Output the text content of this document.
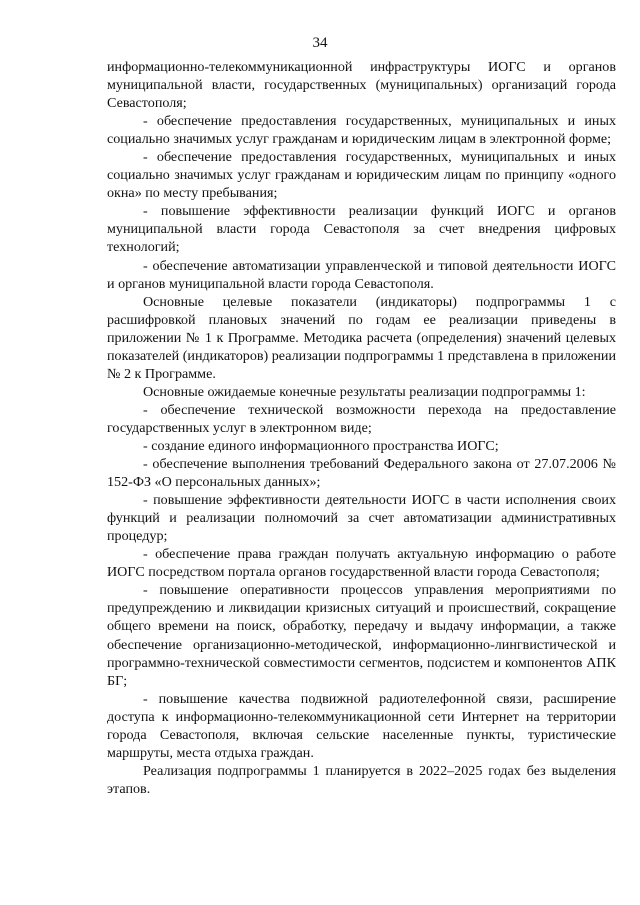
34

информационно-телекоммуникационной инфраструктуры ИОГС и органов муниципальной власти, государственных (муниципальных) организаций города Севастополя;

- обеспечение предоставления государственных, муниципальных и иных социально значимых услуг гражданам и юридическим лицам в электронной форме;

- обеспечение предоставления государственных, муниципальных и иных социально значимых услуг гражданам и юридическим лицам по принципу «одного окна» по месту пребывания;

- повышение эффективности реализации функций ИОГС и органов муниципальной власти города Севастополя за счет внедрения цифровых технологий;

- обеспечение автоматизации управленческой и типовой деятельности ИОГС и органов муниципальной власти города Севастополя.

Основные целевые показатели (индикаторы) подпрограммы 1 с расшифровкой плановых значений по годам ее реализации приведены в приложении № 1 к Программе. Методика расчета (определения) значений целевых показателей (индикаторов) реализации подпрограммы 1 представлена в приложении № 2 к Программе.

Основные ожидаемые конечные результаты реализации подпрограммы 1:

- обеспечение технической возможности перехода на предоставление государственных услуг в электронном виде;

- создание единого информационного пространства ИОГС;

- обеспечение выполнения требований Федерального закона от 27.07.2006 № 152-ФЗ «О персональных данных»;

- повышение эффективности деятельности ИОГС в части исполнения своих функций и реализации полномочий за счет автоматизации административных процедур;

- обеспечение права граждан получать актуальную информацию о работе ИОГС посредством портала органов государственной власти города Севастополя;

- повышение оперативности процессов управления мероприятиями по предупреждению и ликвидации кризисных ситуаций и происшествий, сокращение общего времени на поиск, обработку, передачу и выдачу информации, а также обеспечение организационно-методической, информационно-лингвистической и программно-технической совместимости сегментов, подсистем и компонентов АПК БГ;

- повышение качества подвижной радиотелефонной связи, расширение доступа к информационно-телекоммуникационной сети Интернет на территории города Севастополя, включая сельские населенные пункты, туристические маршруты, места отдыха граждан.

Реализация подпрограммы 1 планируется в 2022–2025 годах без выделения этапов.
